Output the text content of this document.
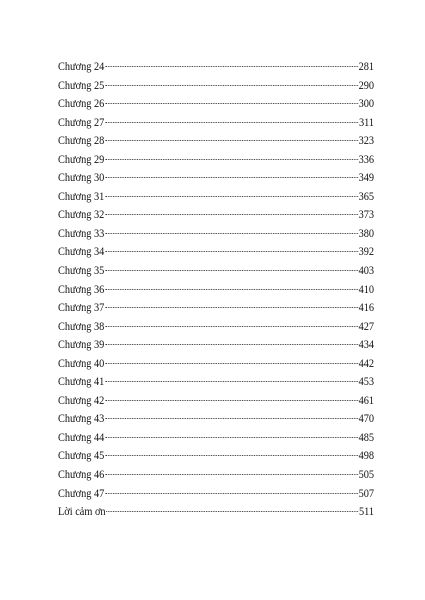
Chương 24	281
Chương 25	290
Chương 26	300
Chương 27	311
Chương 28	323
Chương 29	336
Chương 30	349
Chương 31	365
Chương 32	373
Chương 33	380
Chương 34	392
Chương 35	403
Chương 36	410
Chương 37	416
Chương 38	427
Chương 39	434
Chương 40	442
Chương 41	453
Chương 42	461
Chương 43	470
Chương 44	485
Chương 45	498
Chương 46	505
Chương 47	507
Lời cảm ơn	511
